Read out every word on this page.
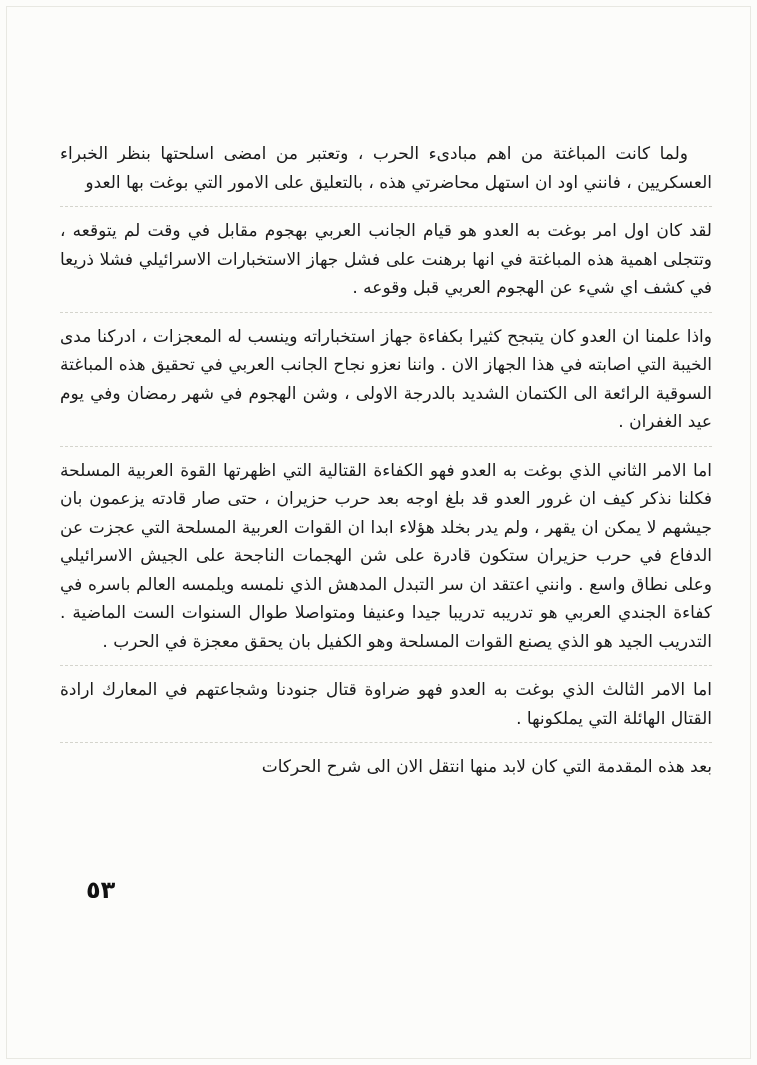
ولما كانت المباغتة من اهم مبادىء الحرب ، وتعتبر من امضى اسلحتها بنظر الخبراء العسكريين ، فانني اود ان استهل محاضرتي هذه ، بالتعليق على الامور التي بوغت بها العدو

لقد كان اول امر بوغت به العدو هو قيام الجانب العربي بهجوم مقابل في وقت لم يتوقعه ، وتتجلى اهمية هذه المباغتة في انها برهنت على فشل جهاز الاستخبارات الاسرائيلي فشلا ذريعا في كشف اي شيء عن الهجوم العربي قبل وقوعه .

واذا علمنا ان العدو كان يتبجح كثيرا بكفاءة جهاز استخباراته وينسب له المعجزات ، ادركنا مدى الخيبة التي اصابته في هذا الجهاز الان . واننا نعزو نجاح الجانب العربي في تحقيق هذه المباغتة السوقية الرائعة الى الكتمان الشديد بالدرجة الاولى ، وشن الهجوم في شهر رمضان وفي يوم عيد الغفران .

اما الامر الثاني الذي بوغت به العدو فهو الكفاءة القتالية التي اظهرتها القوة العربية المسلحة فكلنا نذكر كيف ان غرور العدو قد بلغ اوجه بعد حرب حزيران ، حتى صار قادته يزعمون بان جيشهم لا يمكن ان يقهر ، ولم يدر بخلد هؤلاء ابدا ان القوات العربية المسلحة التي عجزت عن الدفاع في حرب حزيران ستكون قادرة على شن الهجمات الناجحة على الجيش الاسرائيلي وعلى نطاق واسع . وانني اعتقد ان سر التبدل المدهش الذي نلمسه ويلمسه العالم باسره في كفاءة الجندي العربي هو تدريبه تدريبا جيدا وعنيفا ومتواصلا طوال السنوات الست الماضية . التدريب الجيد هو الذي يصنع القوات المسلحة وهو الكفيل بان يحقق معجزة في الحرب .

اما الامر الثالث الذي بوغت به العدو فهو ضراوة قتال جنودنا وشجاعتهم في المعارك ارادة القتال الهائلة التي يملكونها .

بعد هذه المقدمة التي كان لابد منها انتقل الان الى شرح الحركات

٥٣
